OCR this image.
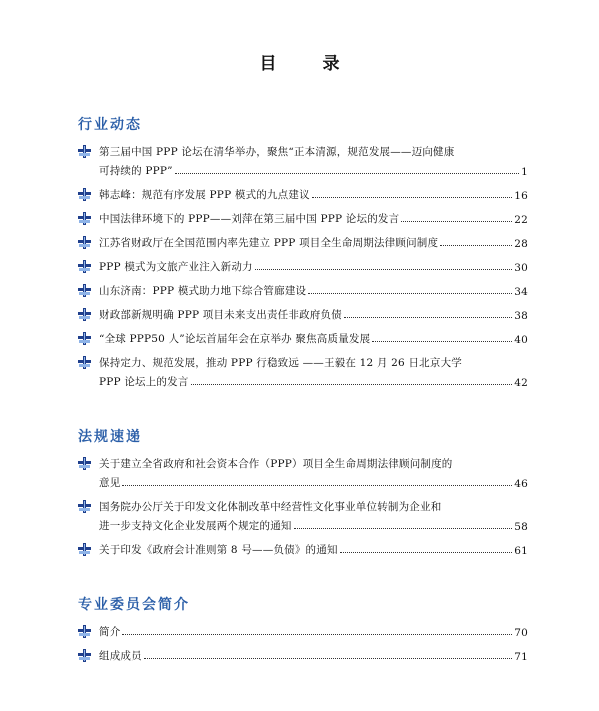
目 录
行业动态
第三届中国 PPP 论坛在清华举办，聚焦“正本清源，规范发展——迈向健康
可持续的 PPP”	1
韩志峰：规范有序发展 PPP 模式的九点建议	16
中国法律环境下的 PPP——刘萍在第三届中国 PPP 论坛的发言	22
江苏省财政厅在全国范围内率先建立 PPP 项目全生命周期法律顾问制度	28
PPP 模式为文旅产业注入新动力	30
山东济南：PPP 模式助力地下综合管廊建设	34
财政部新规明确 PPP 项目未来支出责任非政府负债	38
“全球 PPP50 人”论坛首届年会在京举办 聚焦高质量发展	40
保持定力、规范发展，推动 PPP 行稳致远 ——王毅在 12 月 26 日北京大学
PPP 论坛上的发言	42
法规速递
关于建立全省政府和社会资本合作（PPP）项目全生命周期法律顾问制度的
意见	46
国务院办公厅关于印发文化体制改革中经营性文化事业单位转制为企业和
进一步支持文化企业发展两个规定的通知	58
关于印发《政府会计准则第 8 号——负债》的通知	61
专业委员会简介
简介	70
组成成员	71
